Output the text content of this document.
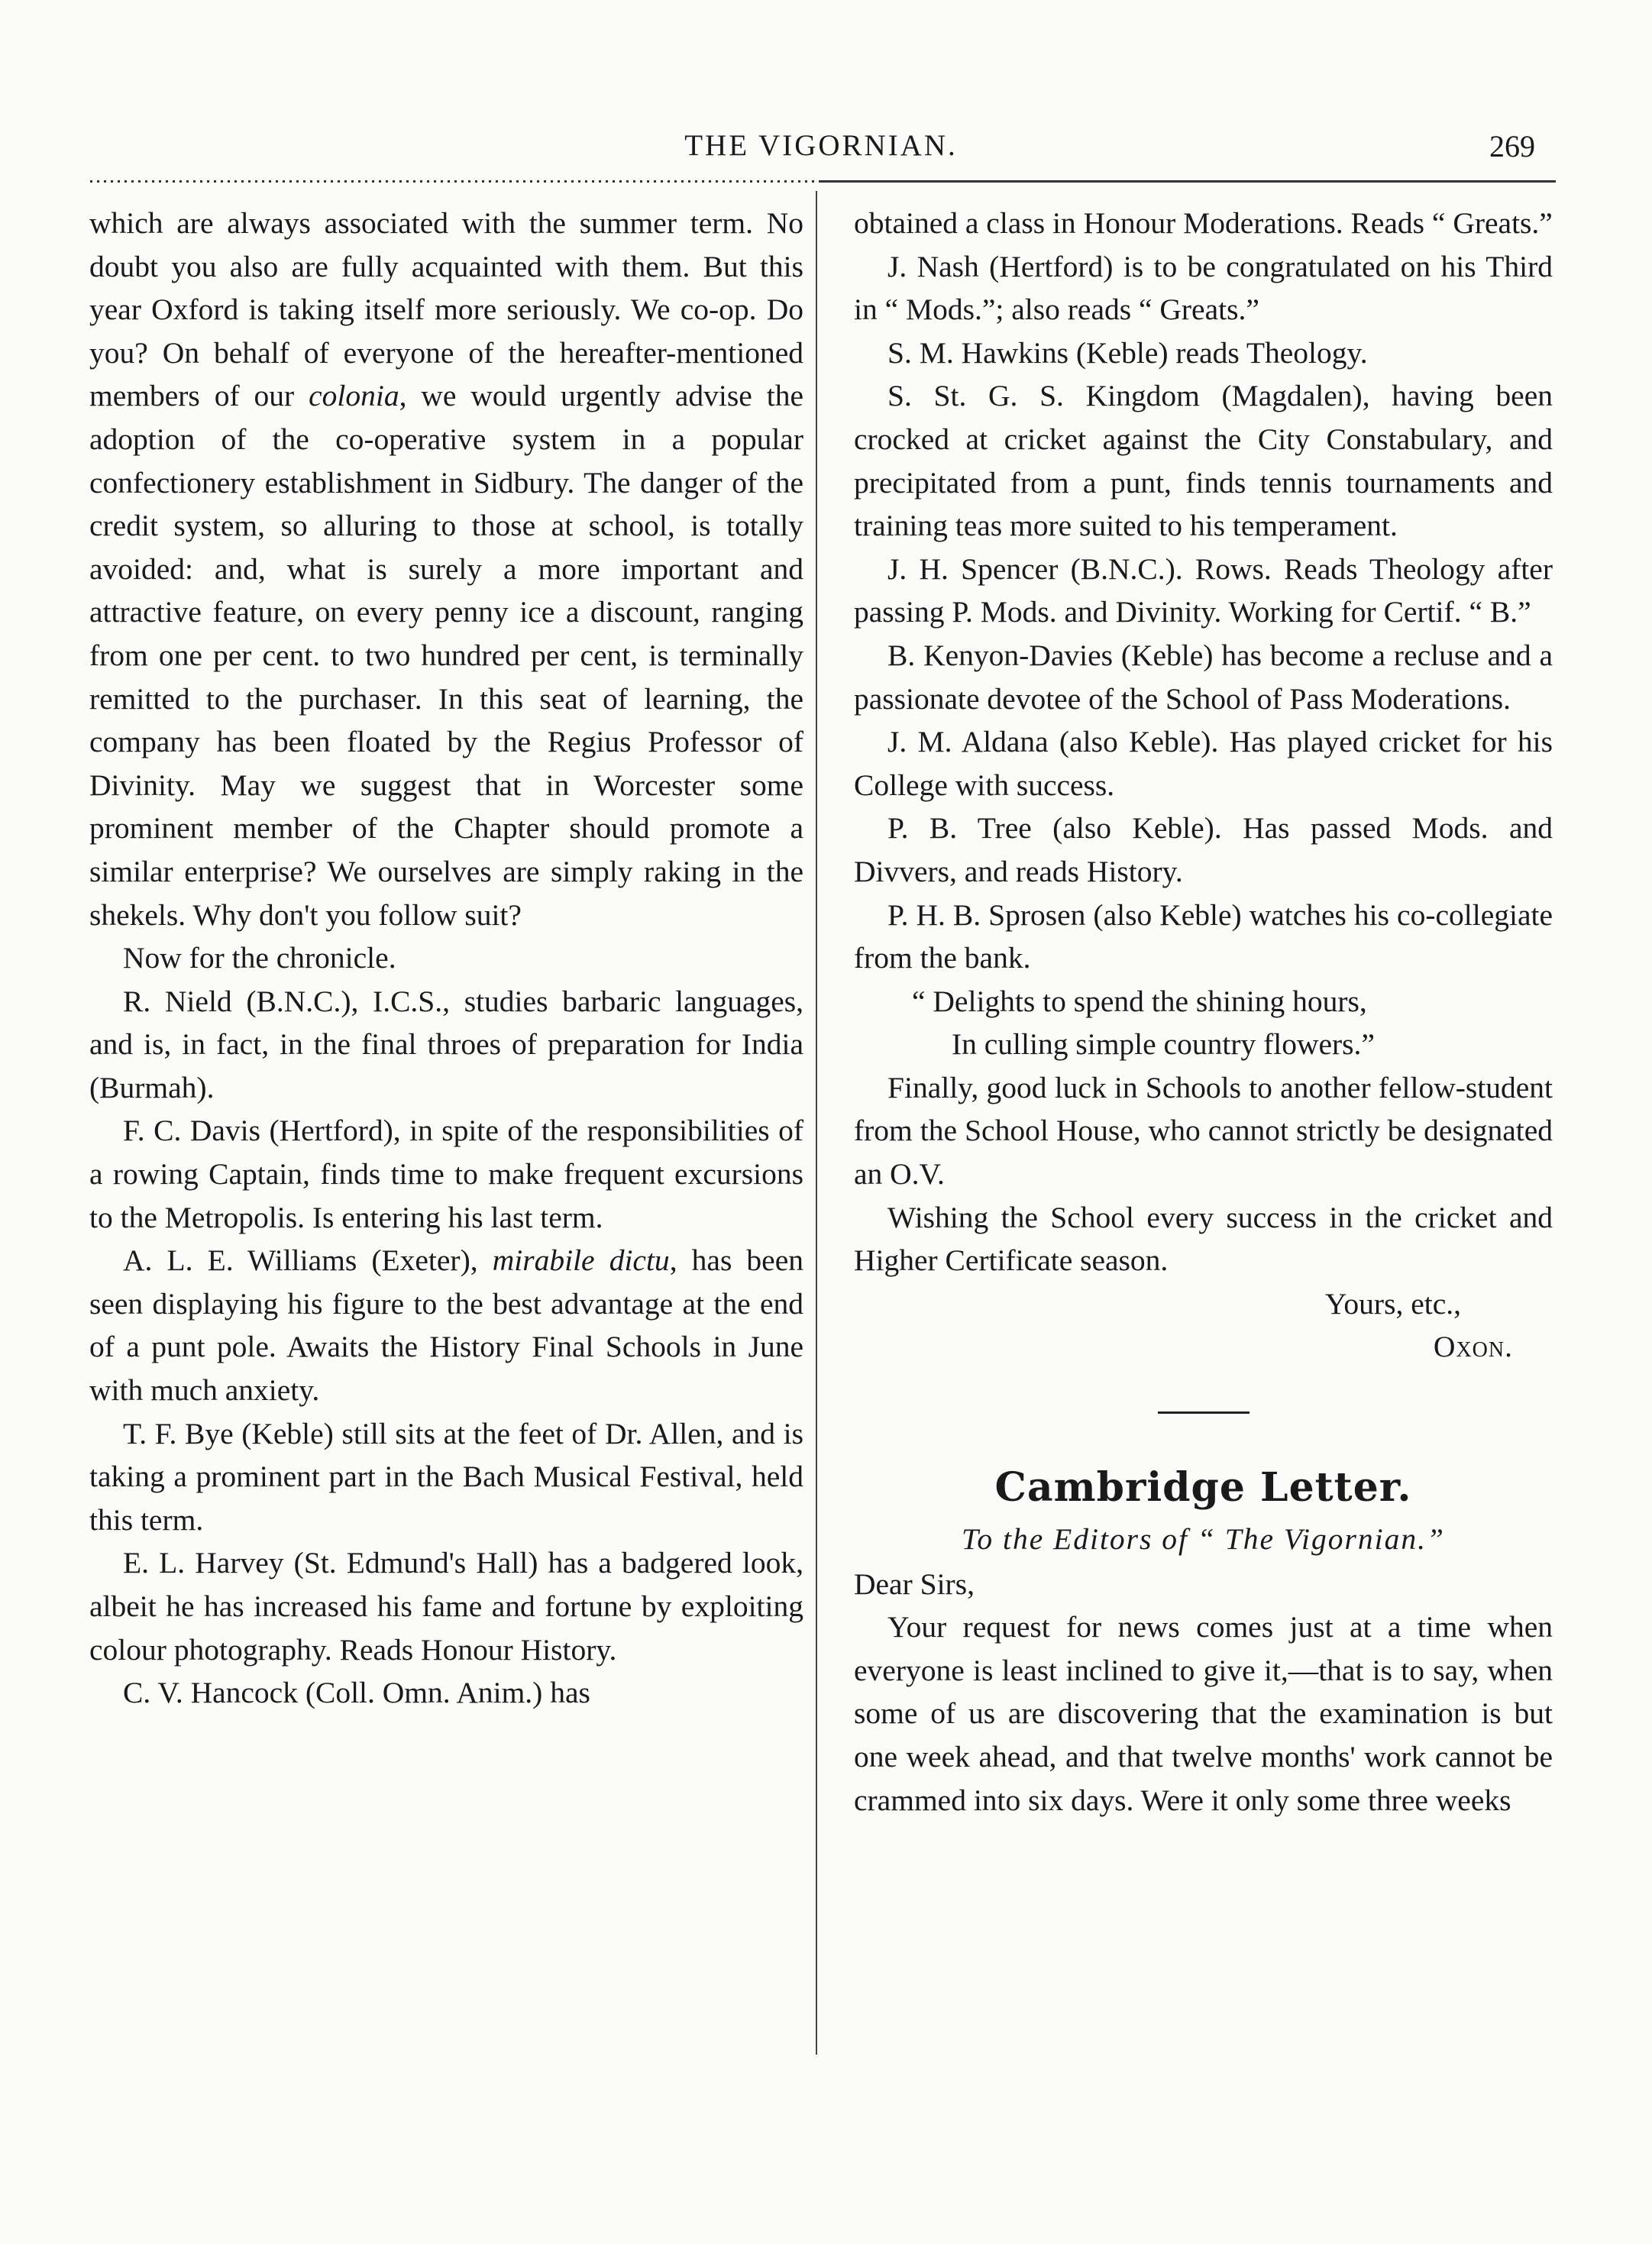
THE VIGORNIAN.	269

which are always associated with the summer term. No doubt you also are fully acquainted with them. But this year Oxford is taking itself more seriously. We co-op. Do you? On behalf of everyone of the hereafter-mentioned members of our colonia, we would urgently advise the adoption of the co-operative system in a popular confectionery establishment in Sidbury. The danger of the credit system, so alluring to those at school, is totally avoided: and, what is surely a more important and attractive feature, on every penny ice a discount, ranging from one per cent. to two hundred per cent, is terminally remitted to the purchaser. In this seat of learning, the company has been floated by the Regius Professor of Divinity. May we suggest that in Worcester some prominent member of the Chapter should promote a similar enterprise? We ourselves are simply raking in the shekels. Why don't you follow suit?

Now for the chronicle.

R. Nield (B.N.C.), I.C.S., studies barbaric languages, and is, in fact, in the final throes of preparation for India (Burmah).

F. C. Davis (Hertford), in spite of the responsibilities of a rowing Captain, finds time to make frequent excursions to the Metropolis. Is entering his last term.

A. L. E. Williams (Exeter), mirabile dictu, has been seen displaying his figure to the best advantage at the end of a punt pole. Awaits the History Final Schools in June with much anxiety.

T. F. Bye (Keble) still sits at the feet of Dr. Allen, and is taking a prominent part in the Bach Musical Festival, held this term.

E. L. Harvey (St. Edmund's Hall) has a badgered look, albeit he has increased his fame and fortune by exploiting colour photography. Reads Honour History.

C. V. Hancock (Coll. Omn. Anim.) has

obtained a class in Honour Moderations. Reads “ Greats.”

J. Nash (Hertford) is to be congratulated on his Third in “ Mods.”; also reads “ Greats.”

S. M. Hawkins (Keble) reads Theology.

S. St. G. S. Kingdom (Magdalen), having been crocked at cricket against the City Constabulary, and precipitated from a punt, finds tennis tournaments and training teas more suited to his temperament.

J. H. Spencer (B.N.C.). Rows. Reads Theology after passing P. Mods. and Divinity. Working for Certif. “ B.”

B. Kenyon-Davies (Keble) has become a recluse and a passionate devotee of the School of Pass Moderations.

J. M. Aldana (also Keble). Has played cricket for his College with success.

P. B. Tree (also Keble). Has passed Mods. and Divvers, and reads History.

P. H. B. Sprosen (also Keble) watches his co-collegiate from the bank.

“ Delights to spend the shining hours,
In culling simple country flowers.”

Finally, good luck in Schools to another fellow-student from the School House, who cannot strictly be designated an O.V.

Wishing the School every success in the cricket and Higher Certificate season.

Yours, etc.,
Oxon.
Cambridge Letter.
To the Editors of “ The Vigornian.”

Dear Sirs,

Your request for news comes just at a time when everyone is least inclined to give it,—that is to say, when some of us are discovering that the examination is but one week ahead, and that twelve months' work cannot be crammed into six days. Were it only some three weeks
